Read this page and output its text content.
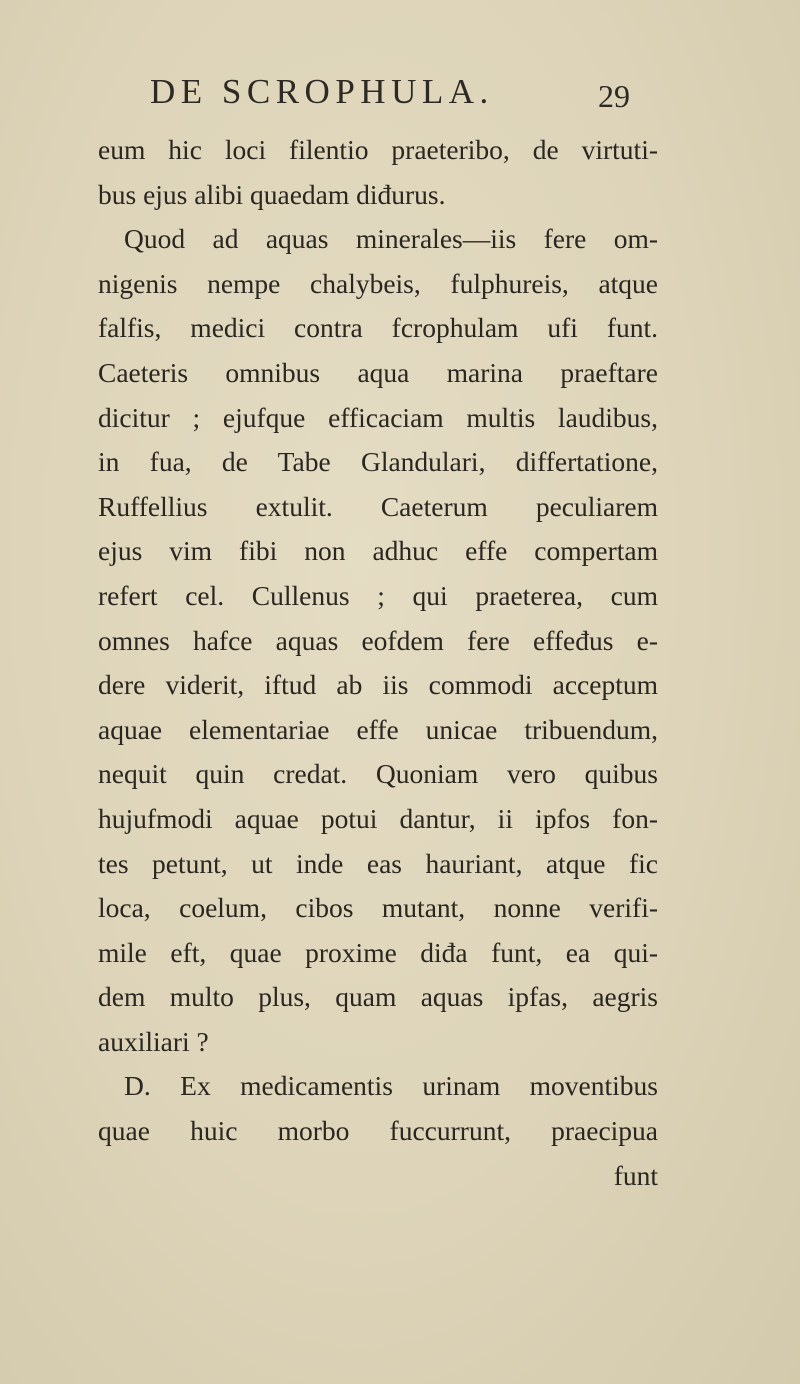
DE SCROPHULA.	29
eum hic loci filentio praeteribo, de virtuti-
bus ejus alibi quaedam diđurus.
Quod ad aquas minerales—iis fere om-
nigenis nempe chalybeis, fulphureis, atque
falfis, medici contra fcrophulam ufi funt.
Caeteris omnibus aqua marina praeftare
dicitur ; ejufque efficaciam multis laudibus,
in fua, de Tabe Glandulari, differtatione,
Ruffellius extulit. Caeterum peculiarem
ejus vim fibi non adhuc effe compertam
refert cel. Cullenus ; qui praeterea, cum
omnes hafce aquas eofdem fere effeđus e-
dere viderit, iftud ab iis commodi acceptum
aquae elementariae effe unicae tribuendum,
nequit quin credat. Quoniam vero quibus
hujufmodi aquae potui dantur, ii ipfos fon-
tes petunt, ut inde eas hauriant, atque fic
loca, coelum, cibos mutant, nonne verifi-
mile eft, quae proxime diđa funt, ea qui-
dem multo plus, quam aquas ipfas, aegris
auxiliari ?
D. Ex medicamentis urinam moventibus
quae huic morbo fuccurrunt, praecipua
funt
